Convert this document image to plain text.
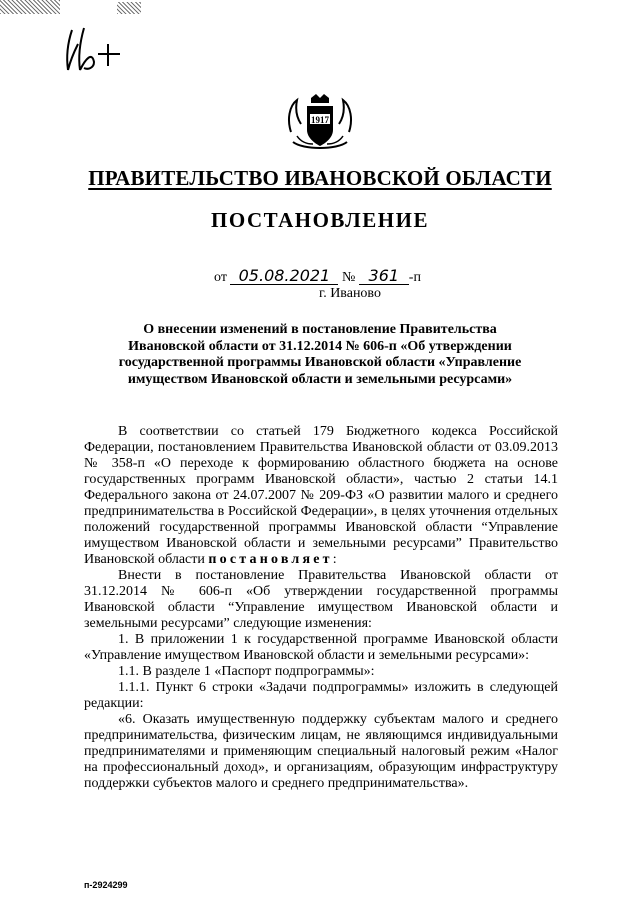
1917
ПРАВИТЕЛЬСТВО ИВАНОВСКОЙ ОБЛАСТИ
ПОСТАНОВЛЕНИЕ
от 05.08.2021 № 361 -п
г. Иваново
О внесении изменений в постановление Правительства Ивановской области от 31.12.2014 № 606-п «Об утверждении государственной программы Ивановской области «Управление имуществом Ивановской области и земельными ресурсами»

В соответствии со статьей 179 Бюджетного кодекса Российской Федерации, постановлением Правительства Ивановской области от 03.09.2013 № 358-п «О переходе к формированию областного бюджета на основе государственных программ Ивановской области», частью 2 статьи 14.1 Федерального закона от 24.07.2007 № 209-ФЗ «О развитии малого и среднего предпринимательства в Российской Федерации», в целях уточнения отдельных положений государственной программы Ивановской области “Управление имуществом Ивановской области и земельными ресурсами” Правительство Ивановской области постановляет:

Внести в постановление Правительства Ивановской области от 31.12.2014 № 606-п «Об утверждении государственной программы Ивановской области “Управление имуществом Ивановской области и земельными ресурсами” следующие изменения:

1. В приложении 1 к государственной программе Ивановской области «Управление имуществом Ивановской области и земельными ресурсами»:

1.1. В разделе 1 «Паспорт подпрограммы»:

1.1.1. Пункт 6 строки «Задачи подпрограммы» изложить в следующей редакции:

«6. Оказать имущественную поддержку субъектам малого и среднего предпринимательства, физическим лицам, не являющимся индивидуальными предпринимателями и применяющим специальный налоговый режим «Налог на профессиональный доход», и организациям, образующим инфраструктуру поддержки субъектов малого и среднего предпринимательства».

п-2924299
